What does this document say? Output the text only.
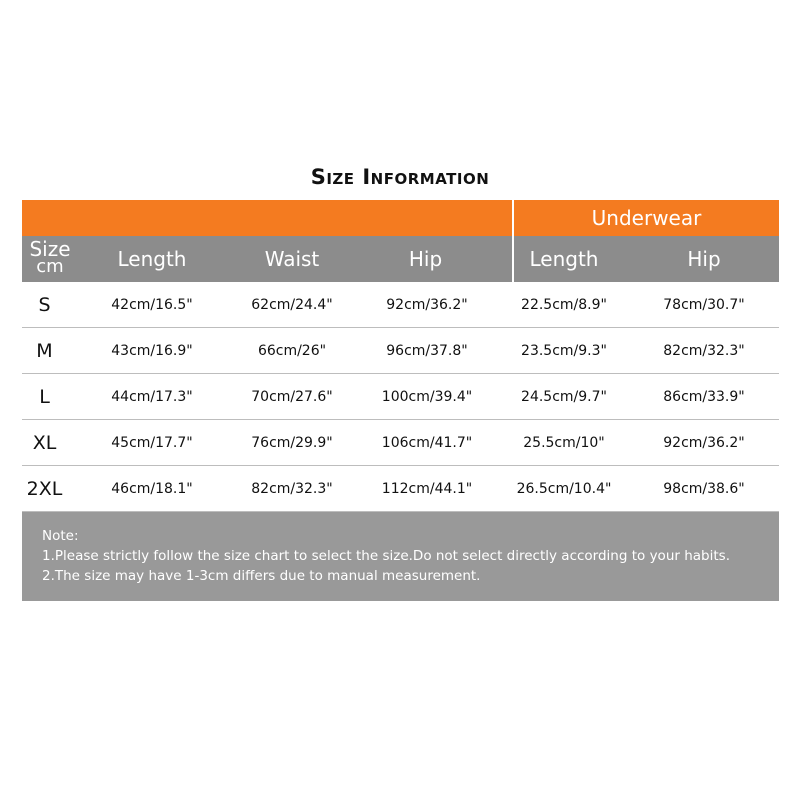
Size Information
Underwear
Size
cm	Length	Waist	Hip	Length	Hip
S	42cm/16.5"	62cm/24.4"	92cm/36.2"	22.5cm/8.9"	78cm/30.7"
M	43cm/16.9"	66cm/26"	96cm/37.8"	23.5cm/9.3"	82cm/32.3"
L	44cm/17.3"	70cm/27.6"	100cm/39.4"	24.5cm/9.7"	86cm/33.9"
XL	45cm/17.7"	76cm/29.9"	106cm/41.7"	25.5cm/10"	92cm/36.2"
2XL	46cm/18.1"	82cm/32.3"	112cm/44.1"	26.5cm/10.4"	98cm/38.6"
Note:
1.Please strictly follow the size chart to select the size.Do not select directly according to your habits.
2.The size may have 1-3cm differs due to manual measurement.
